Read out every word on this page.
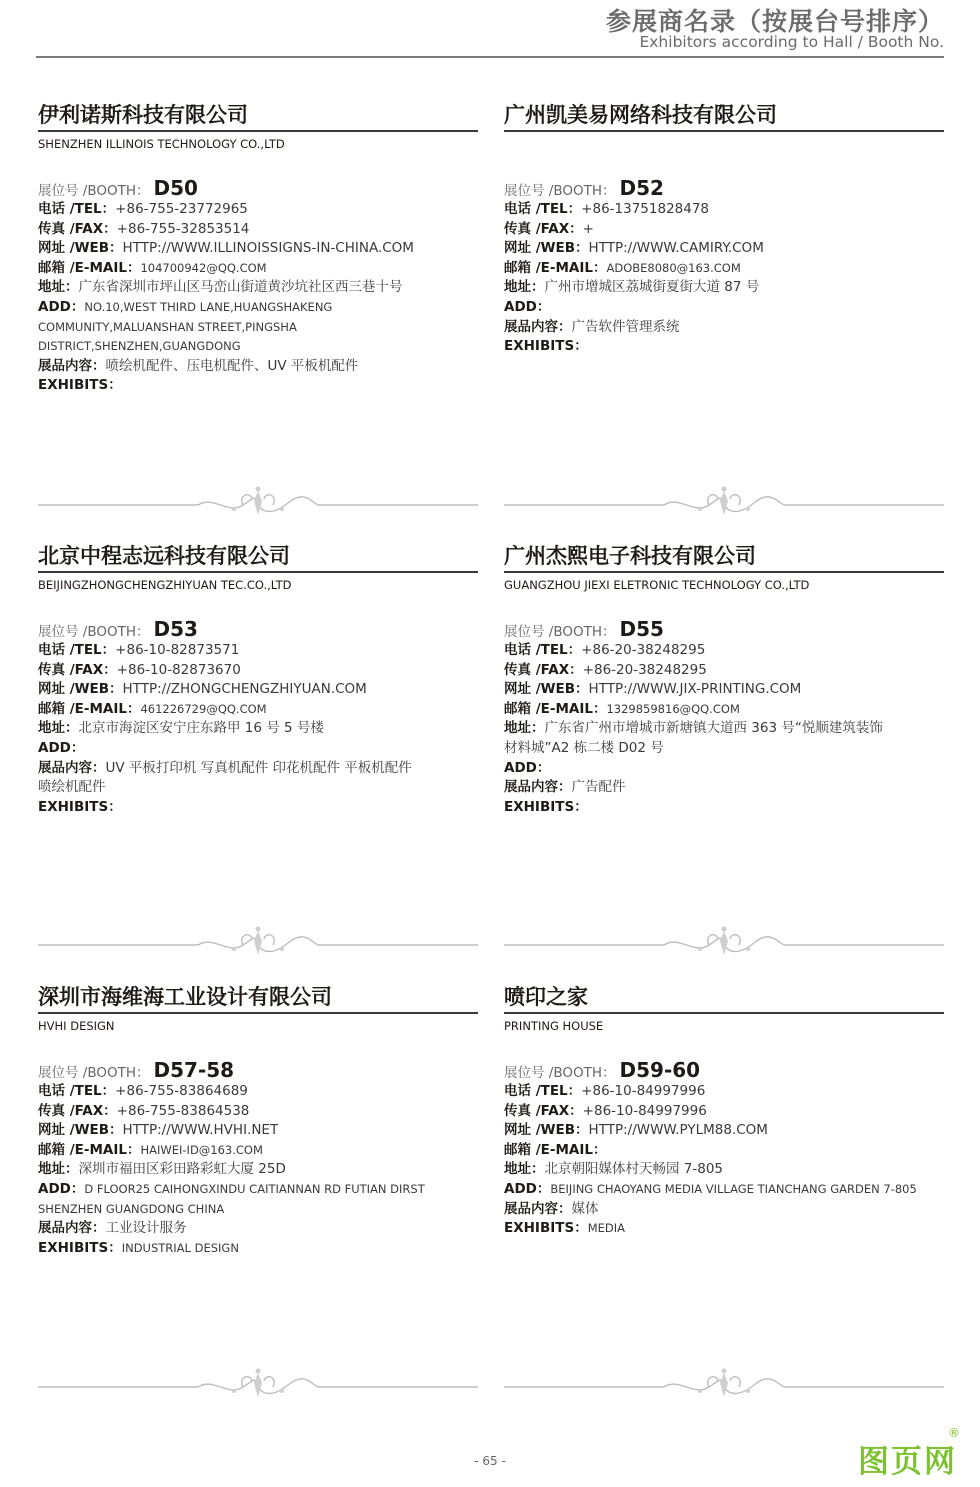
参展商名录（按展台号排序）
Exhibitors according to Hall / Booth No.
伊利诺斯科技有限公司
SHENZHEN ILLINOIS TECHNOLOGY CO.,LTD
展位号 /BOOTH： D50
电话 /TEL：+86-755-23772965
传真 /FAX：+86-755-32853514
网址 /WEB：HTTP://WWW.ILLINOISSIGNS-IN-CHINA.COM
邮箱 /E-MAIL：104700942@QQ.COM
地址：广东省深圳市坪山区马峦山街道黄沙坑社区西三巷十号
ADD：NO.10,WEST THIRD LANE,HUANGSHAKENG
COMMUNITY,MALUANSHAN STREET,PINGSHA
DISTRICT,SHENZHEN,GUANGDONG
展品内容：喷绘机配件、压电机配件、UV 平板机配件
EXHIBITS：
广州凯美易网络科技有限公司
展位号 /BOOTH： D52
电话 /TEL：+86-13751828478
传真 /FAX：+
网址 /WEB：HTTP://WWW.CAMIRY.COM
邮箱 /E-MAIL：ADOBE8080@163.COM
地址：广州市增城区荔城街夏街大道 87 号
ADD：
展品内容：广告软件管理系统
EXHIBITS：
北京中程志远科技有限公司
BEIJINGZHONGCHENGZHIYUAN TEC.CO.,LTD
展位号 /BOOTH： D53
电话 /TEL：+86-10-82873571
传真 /FAX：+86-10-82873670
网址 /WEB：HTTP://ZHONGCHENGZHIYUAN.COM
邮箱 /E-MAIL：461226729@QQ.COM
地址：北京市海淀区安宁庄东路甲 16 号 5 号楼
ADD：
展品内容：UV 平板打印机 写真机配件 印花机配件 平板机配件
喷绘机配件
EXHIBITS：
广州杰熙电子科技有限公司
GUANGZHOU JIEXI ELETRONIC TECHNOLOGY CO.,LTD
展位号 /BOOTH： D55
电话 /TEL：+86-20-38248295
传真 /FAX：+86-20-38248295
网址 /WEB：HTTP://WWW.JIX-PRINTING.COM
邮箱 /E-MAIL：1329859816@QQ.COM
地址：广东省广州市增城市新塘镇大道西 363 号“悦顺建筑装饰
材料城”A2 栋二楼 D02 号
ADD：
展品内容：广告配件
EXHIBITS：
深圳市海维海工业设计有限公司
HVHI DESIGN
展位号 /BOOTH： D57-58
电话 /TEL：+86-755-83864689
传真 /FAX：+86-755-83864538
网址 /WEB：HTTP://WWW.HVHI.NET
邮箱 /E-MAIL：HAIWEI-ID@163.COM
地址：深圳市福田区彩田路彩虹大厦 25D
ADD：D FLOOR25 CAIHONGXINDU CAITIANNAN RD FUTIAN DIRST
SHENZHEN GUANGDONG CHINA
展品内容：工业设计服务
EXHIBITS：INDUSTRIAL DESIGN
喷印之家
PRINTING HOUSE
展位号 /BOOTH： D59-60
电话 /TEL：+86-10-84997996
传真 /FAX：+86-10-84997996
网址 /WEB：HTTP://WWW.PYLM88.COM
邮箱 /E-MAIL：
地址：北京朝阳媒体村天畅园 7-805
ADD：BEIJING CHAOYANG MEDIA VILLAGE TIANCHANG GARDEN 7-805
展品内容：媒体
EXHIBITS：MEDIA
- 65 -	图页网
®
